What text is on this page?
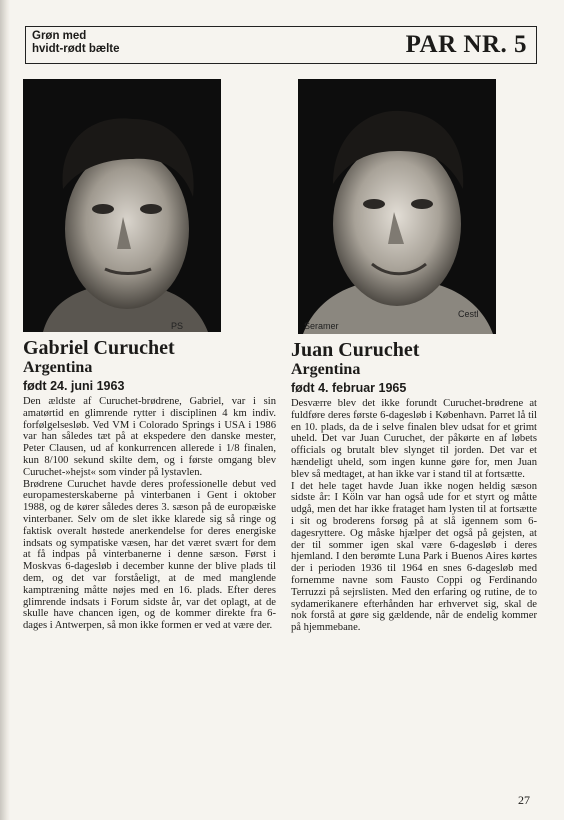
Grøn med
hvidt-rødt bælte	PAR NR. 5
PS	Seramer
Cestl
Gabriel Curuchet
Argentina
født 24. juni 1963

Den ældste af Curuchet-brødrene, Gabriel, var i sin amatørtid en glimrende rytter i disciplinen 4 km indiv. forfølgelsesløb. Ved VM i Colorado Springs i USA i 1986 var han således tæt på at ekspedere den danske mester, Peter Clausen, ud af konkurrencen allerede i 1/8 finalen, kun 8/100 sekund skilte dem, og i første omgang blev Curuchet-»hejst« som vinder på lystavlen.

Brødrene Curuchet havde deres professionelle debut ved europamesterskaberne på vinterbanen i Gent i oktober 1988, og de kører således deres 3. sæson på de europæiske vinterbaner. Selv om de slet ikke klarede sig så ringe og faktisk overalt høstede anerkendelse for deres energiske indsats og sympatiske væsen, har det været svært for dem at få indpas på vinterbanerne i denne sæson. Først i Moskvas 6-dagesløb i december kunne der blive plads til dem, og det var forståeligt, at de med manglende kamptræning måtte nøjes med en 16. plads. Efter deres glimrende indsats i Forum sidste år, var det oplagt, at de skulle have chancen igen, og de kommer direkte fra 6-dages i Antwerpen, så mon ikke formen er ved at være der.

Juan Curuchet
Argentina
født 4. februar 1965

Desværre blev det ikke forundt Curuchet-brødrene at fuldføre deres første 6-dagesløb i København. Parret lå til en 10. plads, da de i selve finalen blev udsat for et grimt uheld. Det var Juan Curuchet, der påkørte en af løbets officials og brutalt blev slynget til jorden. Det var et hændeligt uheld, som ingen kunne gøre for, men Juan blev så medtaget, at han ikke var i stand til at fortsætte.

I det hele taget havde Juan ikke nogen heldig sæson sidste år: I Köln var han også ude for et styrt og måtte udgå, men det har ikke frataget ham lysten til at fortsætte i sit og broderens forsøg på at slå igennem som 6-dagesryttere. Og måske hjælper det også på gejsten, at der til sommer igen skal være 6-dagesløb i deres hjemland. I den berømte Luna Park i Buenos Aires kørtes der i perioden 1936 til 1964 en snes 6-dagesløb med fornemme navne som Fausto Coppi og Ferdinando Terruzzi på sejrslisten. Med den erfaring og rutine, de to sydamerikanere efterhånden har erhvervet sig, skal de nok forstå at gøre sig gældende, når de endelig kommer på hjemmebane.

27
